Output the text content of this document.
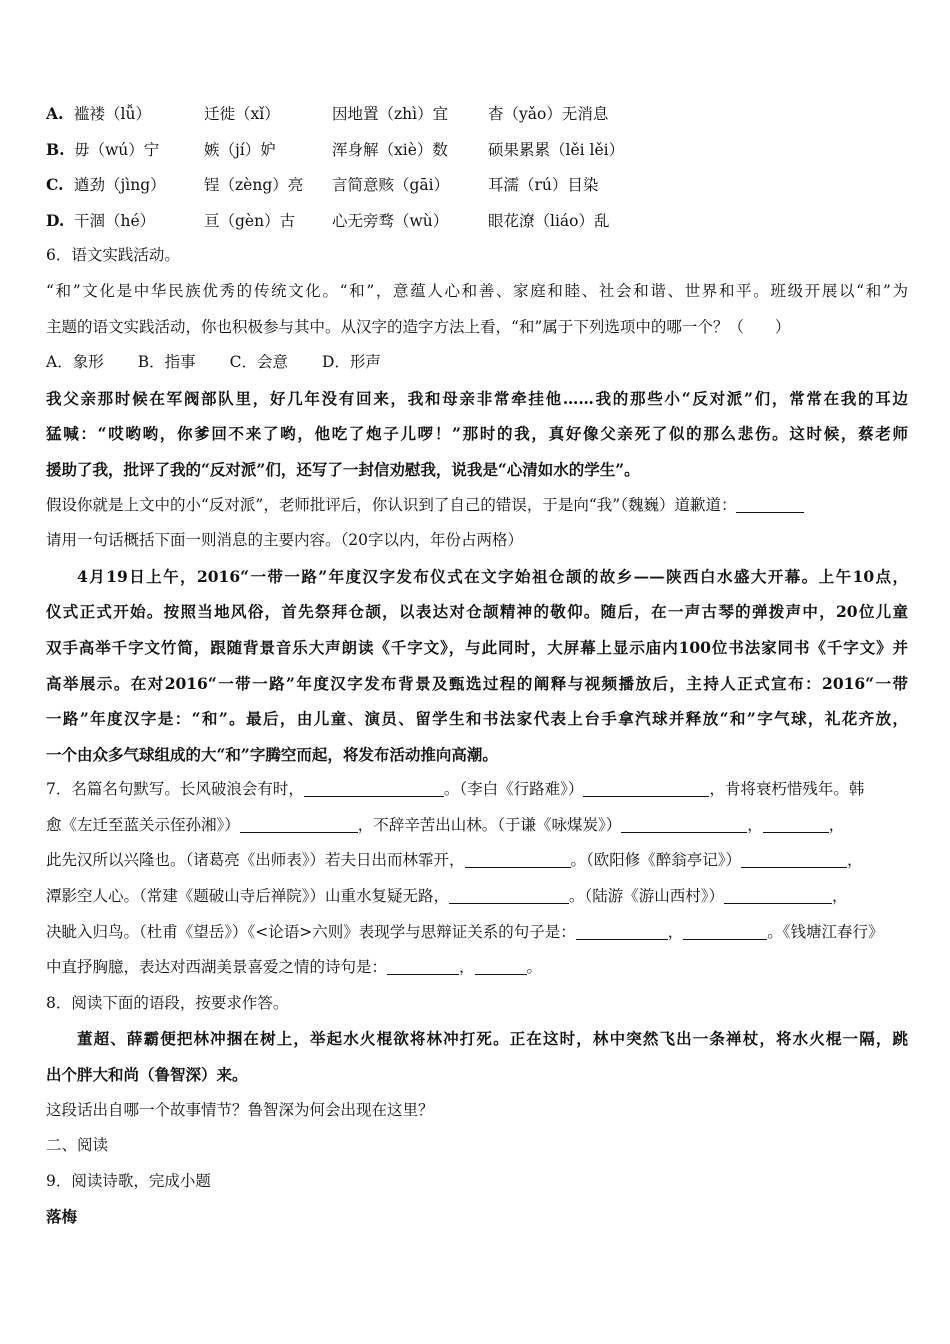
A. 褴褛（lǚ）	迁徙（xǐ）	因地置（zhì）宜	杳（yǎo）无消息
B. 毋（wú）宁	嫉（jí）妒	浑身解（xiè）数	硕果累累（lěi lěi）
C. 遒劲（jìng） 锃（zèng）亮 言简意赅（gāi）	耳濡（rú）目染
D. 干涸（hé）	亘（gèn）古 心无旁骛（wù）	眼花潦（liáo）乱
6．语文实践活动。
“和”文化是中华民族优秀的传统文化。“和”，意蕴人心和善、家庭和睦、社会和谐、世界和平。班级开展以“和”为
主题的语文实践活动，你也积极参与其中。从汉字的造字方法上看，“和”属于下列选项中的哪一个？（　　）
A．象形 B．指事 C．会意 D．形声
我父亲那时候在军阀部队里，好几年没有回来，我和母亲非常牵挂他……我的那些小“反对派”们，常常在我的耳边
猛喊：“哎哟哟，你爹回不来了哟，他吃了炮子儿啰！”那时的我，真好像父亲死了似的那么悲伤。这时候，蔡老师
援助了我，批评了我的“反对派”们，还写了一封信劝慰我，说我是“心清如水的学生”。
假设你就是上文中的小“反对派”，老师批评后，你认识到了自己的错误，于是向“我”（魏巍）道歉道：
请用一句话概括下面一则消息的主要内容。（20字以内，年份占两格）
4月19日上午，2016“一带一路”年度汉字发布仪式在文字始祖仓颉的故乡——陕西白水盛大开幕。上午10点，
仪式正式开始。按照当地风俗，首先祭拜仓颉，以表达对仓颉精神的敬仰。随后，在一声古琴的弹拨声中，20位儿童
双手高举千字文竹简，跟随背景音乐大声朗读《千字文》，与此同时，大屏幕上显示庙内100位书法家同书《千字文》并
高举展示。在对2016“一带一路”年度汉字发布背景及甄选过程的阐释与视频播放后，主持人正式宣布：2016“一带
一路”年度汉字是：“和”。最后，由儿童、演员、留学生和书法家代表上台手拿汽球并释放“和”字气球，礼花齐放，
一个由众多气球组成的大“和”字腾空而起，将发布活动推向高潮。
7．名篇名句默写。长风破浪会有时，	。（李白《行路难》）	，肯将衰朽惜残年。韩
愈《左迁至蓝关示侄孙湘》）	，不辞辛苦出山林。（于谦《咏煤炭》）	，	，
此先汉所以兴隆也。（诸葛亮《出师表》）若夫日出而林霏开，	。（欧阳修《醉翁亭记》）	，
潭影空人心。（常建《题破山寺后禅院》）山重水复疑无路，	。（陆游《游山西村》）	，
决眦入归鸟。（杜甫《望岳》）《<论语>六则》表现学与思辩证关系的句子是：	，	。《钱塘江春行》
中直抒胸臆，表达对西湖美景喜爱之情的诗句是：	，	。
8．阅读下面的语段，按要求作答。
董超、薛霸便把林冲捆在树上，举起水火棍欲将林冲打死。正在这时，林中突然飞出一条禅杖，将水火棍一隔，跳
出个胖大和尚（鲁智深）来。
这段话出自哪一个故事情节？鲁智深为何会出现在这里？
二、阅读
9．阅读诗歌，完成小题
落梅
